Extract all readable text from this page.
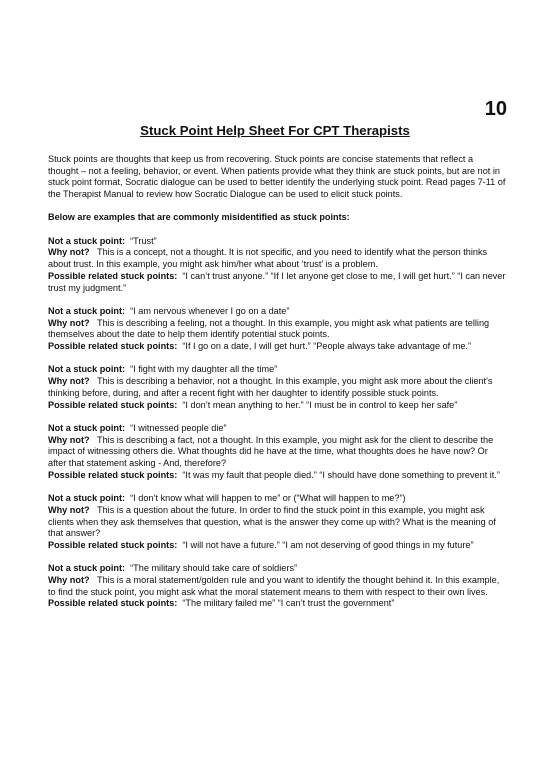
10
Stuck Point Help Sheet For CPT Therapists

Stuck points are thoughts that keep us from recovering. Stuck points are concise statements that reflect a thought – not a feeling, behavior, or event. When patients provide what they think are stuck points, but are not in stuck point format, Socratic dialogue can be used to better identify the underlying stuck point. Read pages 7-11 of the Therapist Manual to review how Socratic Dialogue can be used to elicit stuck points.

Below are examples that are commonly misidentified as stuck points:

Not a stuck point: “Trust”

Why not? This is a concept, not a thought. It is not specific, and you need to identify what the person thinks about trust. In this example, you might ask him/her what about ‘trust’ is a problem.

Possible related stuck points: “I can’t trust anyone.” “If I let anyone get close to me, I will get hurt.” “I can never trust my judgment.”

Not a stuck point: “I am nervous whenever I go on a date”

Why not? This is describing a feeling, not a thought. In this example, you might ask what patients are telling themselves about the date to help them identify potential stuck points.

Possible related stuck points: “If I go on a date, I will get hurt.” “People always take advantage of me.”

Not a stuck point: “I fight with my daughter all the time”

Why not? This is describing a behavior, not a thought. In this example, you might ask more about the client’s thinking before, during, and after a recent fight with her daughter to identify possible stuck points.

Possible related stuck points: “I don’t mean anything to her.” “I must be in control to keep her safe”

Not a stuck point: “I witnessed people die”

Why not? This is describing a fact, not a thought. In this example, you might ask for the client to describe the impact of witnessing others die. What thoughts did he have at the time, what thoughts does he have now? Or after that statement asking - And, therefore?

Possible related stuck points: “It was my fault that people died.” “I should have done something to prevent it.”

Not a stuck point: “I don’t know what will happen to me” or (“What will happen to me?”)

Why not? This is a question about the future. In order to find the stuck point in this example, you might ask clients when they ask themselves that question, what is the answer they come up with? What is the meaning of that answer?

Possible related stuck points: “I will not have a future.” “I am not deserving of good things in my future”

Not a stuck point: “The military should take care of soldiers”

Why not? This is a moral statement/golden rule and you want to identify the thought behind it. In this example, to find the stuck point, you might ask what the moral statement means to them with respect to their own lives.

Possible related stuck points: “The military failed me” “I can’t trust the government”
